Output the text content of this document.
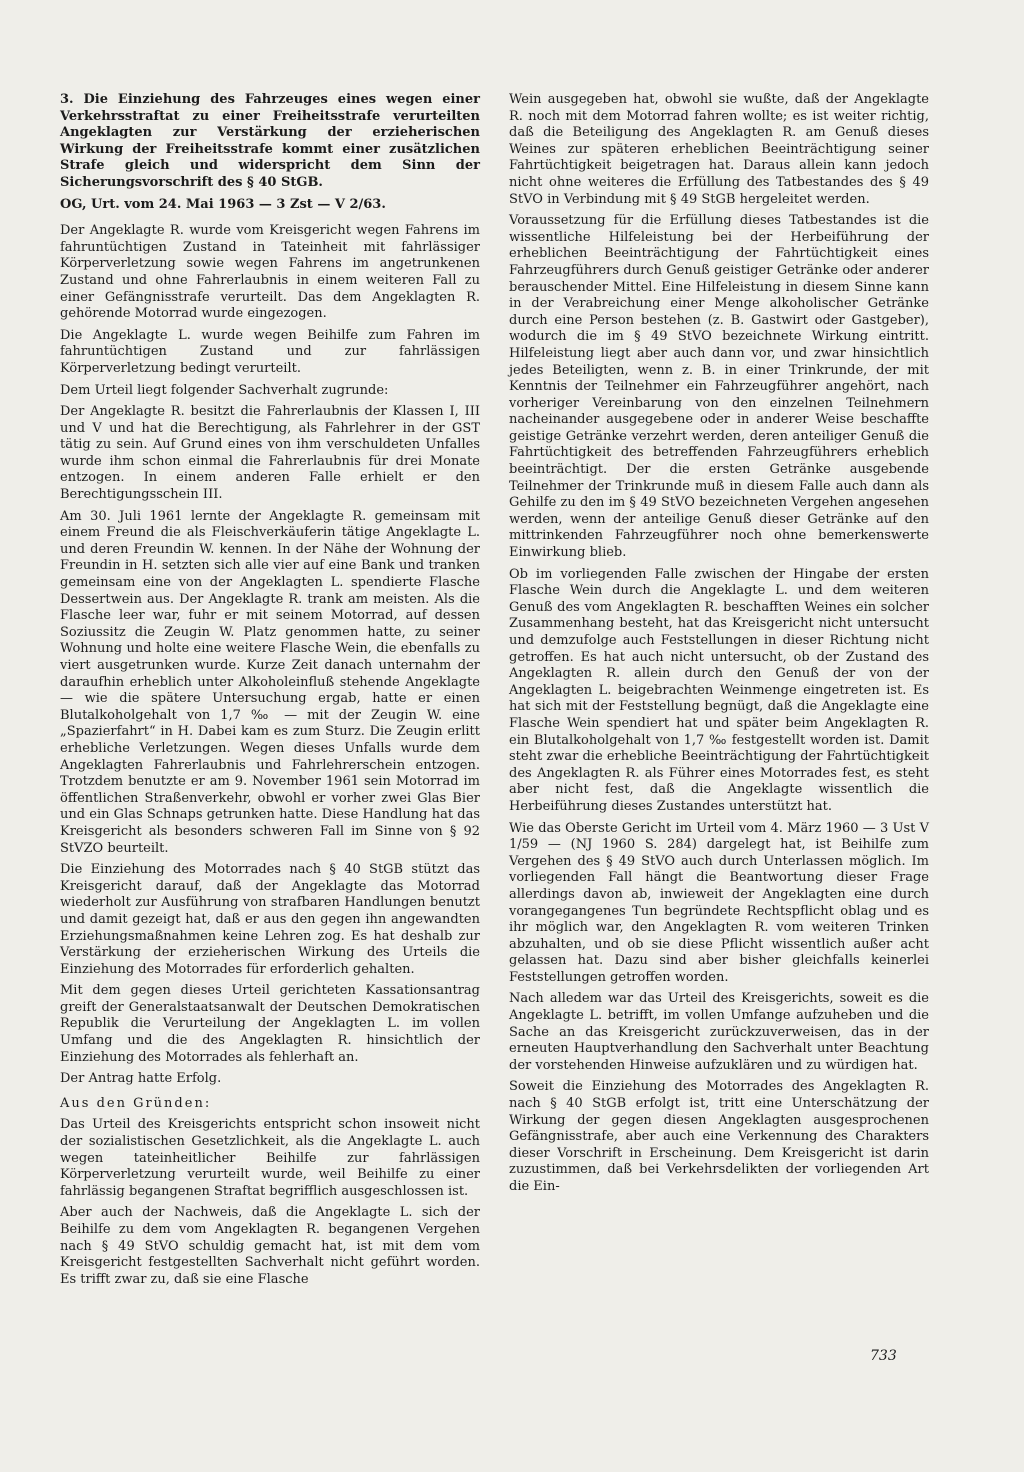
3. Die Einziehung des Fahrzeuges eines wegen einer Verkehrsstraftat zu einer Freiheitsstrafe verurteilten Angeklagten zur Verstärkung der erzieherischen Wirkung der Freiheitsstrafe kommt einer zusätzlichen Strafe gleich und widerspricht dem Sinn der Sicherungsvorschrift des § 40 StGB.

OG, Urt. vom 24. Mai 1963 — 3 Zst — V 2/63.

Der Angeklagte R. wurde vom Kreisgericht wegen Fahrens im fahruntüchtigen Zustand in Tateinheit mit fahrlässiger Körperverletzung sowie wegen Fahrens im angetrunkenen Zustand und ohne Fahrerlaubnis in einem weiteren Fall zu einer Gefängnisstrafe verurteilt. Das dem Angeklagten R. gehörende Motorrad wurde eingezogen.

Die Angeklagte L. wurde wegen Beihilfe zum Fahren im fahruntüchtigen Zustand und zur fahrlässigen Körperverletzung bedingt verurteilt.

Dem Urteil liegt folgender Sachverhalt zugrunde:

Der Angeklagte R. besitzt die Fahrerlaubnis der Klassen I, III und V und hat die Berechtigung, als Fahrlehrer in der GST tätig zu sein. Auf Grund eines von ihm verschuldeten Unfalles wurde ihm schon einmal die Fahrerlaubnis für drei Monate entzogen. In einem anderen Falle erhielt er den Berechtigungsschein III.

Am 30. Juli 1961 lernte der Angeklagte R. gemeinsam mit einem Freund die als Fleischverkäuferin tätige Angeklagte L. und deren Freundin W. kennen. In der Nähe der Wohnung der Freundin in H. setzten sich alle vier auf eine Bank und tranken gemeinsam eine von der Angeklagten L. spendierte Flasche Dessertwein aus. Der Angeklagte R. trank am meisten. Als die Flasche leer war, fuhr er mit seinem Motorrad, auf dessen Soziussitz die Zeugin W. Platz genommen hatte, zu seiner Wohnung und holte eine weitere Flasche Wein, die ebenfalls zu viert ausgetrunken wurde. Kurze Zeit danach unternahm der daraufhin erheblich unter Alkoholeinfluß stehende Angeklagte — wie die spätere Untersuchung ergab, hatte er einen Blutalkoholgehalt von 1,7 ‰ — mit der Zeugin W. eine „Spazierfahrt“ in H. Dabei kam es zum Sturz. Die Zeugin erlitt erhebliche Verletzungen. Wegen dieses Unfalls wurde dem Angeklagten Fahrerlaubnis und Fahrlehrerschein entzogen. Trotzdem benutzte er am 9. November 1961 sein Motorrad im öffentlichen Straßenverkehr, obwohl er vorher zwei Glas Bier und ein Glas Schnaps getrunken hatte. Diese Handlung hat das Kreisgericht als besonders schweren Fall im Sinne von § 92 StVZO beurteilt.

Die Einziehung des Motorrades nach § 40 StGB stützt das Kreisgericht darauf, daß der Angeklagte das Motorrad wiederholt zur Ausführung von strafbaren Handlungen benutzt und damit gezeigt hat, daß er aus den gegen ihn angewandten Erziehungsmaßnahmen keine Lehren zog. Es hat deshalb zur Verstärkung der erzieherischen Wirkung des Urteils die Einziehung des Motorrades für erforderlich gehalten.

Mit dem gegen dieses Urteil gerichteten Kassationsantrag greift der Generalstaatsanwalt der Deutschen Demokratischen Republik die Verurteilung der Angeklagten L. im vollen Umfang und die des Angeklagten R. hinsichtlich der Einziehung des Motorrades als fehlerhaft an.

Der Antrag hatte Erfolg.

Aus den Gründen:

Das Urteil des Kreisgerichts entspricht schon insoweit nicht der sozialistischen Gesetzlichkeit, als die Angeklagte L. auch wegen tateinheitlicher Beihilfe zur fahrlässigen Körperverletzung verurteilt wurde, weil Beihilfe zu einer fahrlässig begangenen Straftat begrifflich ausgeschlossen ist.

Aber auch der Nachweis, daß die Angeklagte L. sich der Beihilfe zu dem vom Angeklagten R. begangenen Vergehen nach § 49 StVO schuldig gemacht hat, ist mit dem vom Kreisgericht festgestellten Sachverhalt nicht geführt worden. Es trifft zwar zu, daß sie eine Flasche

Wein ausgegeben hat, obwohl sie wußte, daß der Angeklagte R. noch mit dem Motorrad fahren wollte; es ist weiter richtig, daß die Beteiligung des Angeklagten R. am Genuß dieses Weines zur späteren erheblichen Beeinträchtigung seiner Fahrtüchtigkeit beigetragen hat. Daraus allein kann jedoch nicht ohne weiteres die Erfüllung des Tatbestandes des § 49 StVO in Verbindung mit § 49 StGB hergeleitet werden.

Voraussetzung für die Erfüllung dieses Tatbestandes ist die wissentliche Hilfeleistung bei der Herbeiführung der erheblichen Beeinträchtigung der Fahrtüchtigkeit eines Fahrzeugführers durch Genuß geistiger Getränke oder anderer berauschender Mittel. Eine Hilfeleistung in diesem Sinne kann in der Verabreichung einer Menge alkoholischer Getränke durch eine Person bestehen (z. B. Gastwirt oder Gastgeber), wodurch die im § 49 StVO bezeichnete Wirkung eintritt. Hilfeleistung liegt aber auch dann vor, und zwar hinsichtlich jedes Beteiligten, wenn z. B. in einer Trinkrunde, der mit Kenntnis der Teilnehmer ein Fahrzeugführer angehört, nach vorheriger Vereinbarung von den einzelnen Teilnehmern nacheinander ausgegebene oder in anderer Weise beschaffte geistige Getränke verzehrt werden, deren anteiliger Genuß die Fahrtüchtigkeit des betreffenden Fahrzeugführers erheblich beeinträchtigt. Der die ersten Getränke ausgebende Teilnehmer der Trinkrunde muß in diesem Falle auch dann als Gehilfe zu den im § 49 StVO bezeichneten Vergehen angesehen werden, wenn der anteilige Genuß dieser Getränke auf den mittrinkenden Fahrzeugführer noch ohne bemerkenswerte Einwirkung blieb.

Ob im vorliegenden Falle zwischen der Hingabe der ersten Flasche Wein durch die Angeklagte L. und dem weiteren Genuß des vom Angeklagten R. beschafften Weines ein solcher Zusammenhang besteht, hat das Kreisgericht nicht untersucht und demzufolge auch Feststellungen in dieser Richtung nicht getroffen. Es hat auch nicht untersucht, ob der Zustand des Angeklagten R. allein durch den Genuß der von der Angeklagten L. beigebrachten Weinmenge eingetreten ist. Es hat sich mit der Feststellung begnügt, daß die Angeklagte eine Flasche Wein spendiert hat und später beim Angeklagten R. ein Blutalkoholgehalt von 1,7 ‰ festgestellt worden ist. Damit steht zwar die erhebliche Beeinträchtigung der Fahrtüchtigkeit des Angeklagten R. als Führer eines Motorrades fest, es steht aber nicht fest, daß die Angeklagte wissentlich die Herbeiführung dieses Zustandes unterstützt hat.

Wie das Oberste Gericht im Urteil vom 4. März 1960 — 3 Ust V 1/59 — (NJ 1960 S. 284) dargelegt hat, ist Beihilfe zum Vergehen des § 49 StVO auch durch Unterlassen möglich. Im vorliegenden Fall hängt die Beantwortung dieser Frage allerdings davon ab, inwieweit der Angeklagten eine durch vorangegangenes Tun begründete Rechtspflicht oblag und es ihr möglich war, den Angeklagten R. vom weiteren Trinken abzuhalten, und ob sie diese Pflicht wissentlich außer acht gelassen hat. Dazu sind aber bisher gleichfalls keinerlei Feststellungen getroffen worden.

Nach alledem war das Urteil des Kreisgerichts, soweit es die Angeklagte L. betrifft, im vollen Umfange aufzuheben und die Sache an das Kreisgericht zurückzuverweisen, das in der erneuten Hauptverhandlung den Sachverhalt unter Beachtung der vorstehenden Hinweise aufzuklären und zu würdigen hat.

Soweit die Einziehung des Motorrades des Angeklagten R. nach § 40 StGB erfolgt ist, tritt eine Unterschätzung der Wirkung der gegen diesen Angeklagten ausgesprochenen Gefängnisstrafe, aber auch eine Verkennung des Charakters dieser Vorschrift in Erscheinung. Dem Kreisgericht ist darin zuzustimmen, daß bei Verkehrsdelikten der vorliegenden Art die Ein-

733
